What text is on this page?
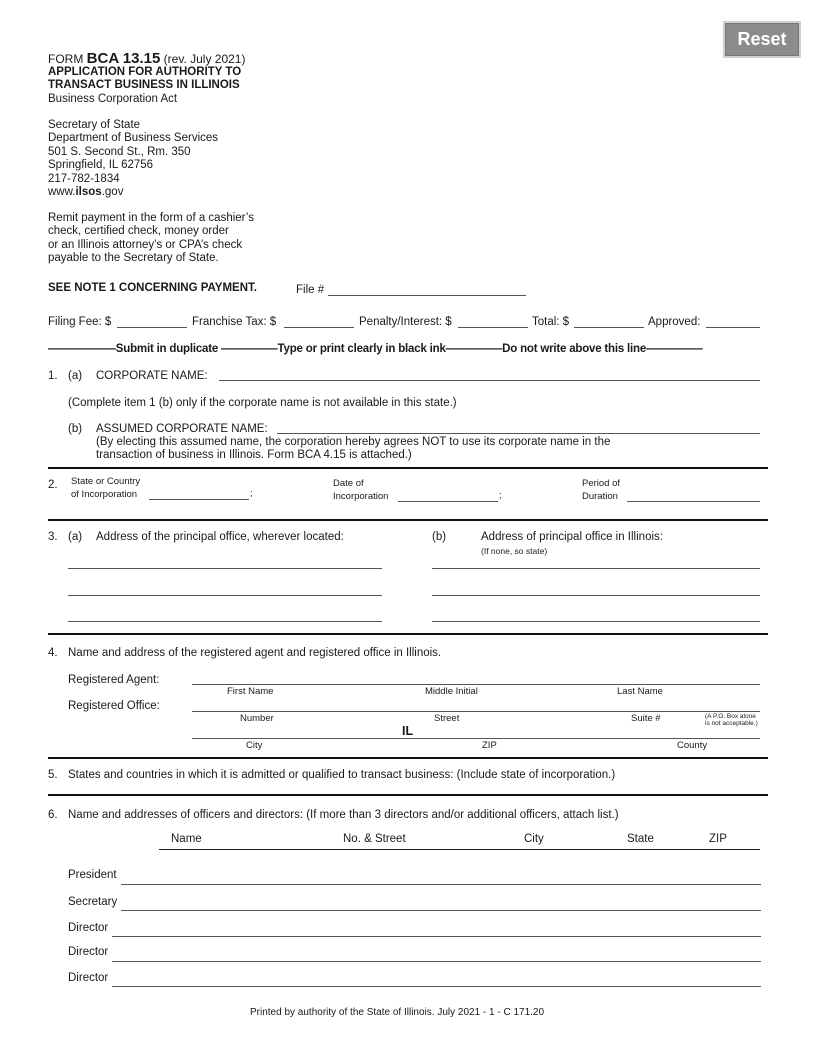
Reset
FORM BCA 13.15 (rev. July 2021)
APPLICATION FOR AUTHORITY TO
TRANSACT BUSINESS IN ILLINOIS
Business Corporation Act
Secretary of State
Department of Business Services
501 S. Second St., Rm. 350
Springfield, IL 62756
217-782-1834
www.ilsos.gov
Remit payment in the form of a cashier’s
check, certified check, money order
or an Illinois attorney’s or CPA’s check
payable to the Secretary of State.
SEE NOTE 1 CONCERNING PAYMENT.	File #
Filing Fee: $	Franchise Tax: $	Penalty/Interest: $	Total: $	Approved:
——————Submit in duplicate —————Type or print clearly in black ink—————Do not write above this line—————
1. (a) CORPORATE NAME:
(Complete item 1 (b) only if the corporate name is not available in this state.)
(b) ASSUMED CORPORATE NAME:
(By electing this assumed name, the corporation hereby agrees NOT to use its corporate name in the
transaction of business in Illinois. Form BCA 4.15 is attached.)
2. State or Country
of Incorporation	;
Date of
Incorporation	;
Period of
Duration
3. (a) Address of the principal office, wherever located:	(b)	Address of principal office in Illinois:
(If none, so state)
4. Name and address of the registered agent and registered office in Illinois.
Registered Agent:
First Name	Middle Initial	Last Name
Registered Office:
Number	Street	Suite #	(A P.O. Box alone
is not acceptable.)
IL
City	ZIP	County
5. States and countries in which it is admitted or qualified to transact business: (Include state of incorporation.)
6. Name and addresses of officers and directors: (If more than 3 directors and/or additional officers, attach list.)
Name	No. & Street	City	State	ZIP
President
Secretary
Director
Director
Director
Printed by authority of the State of Illinois. July 2021 - 1 - C 171.20
